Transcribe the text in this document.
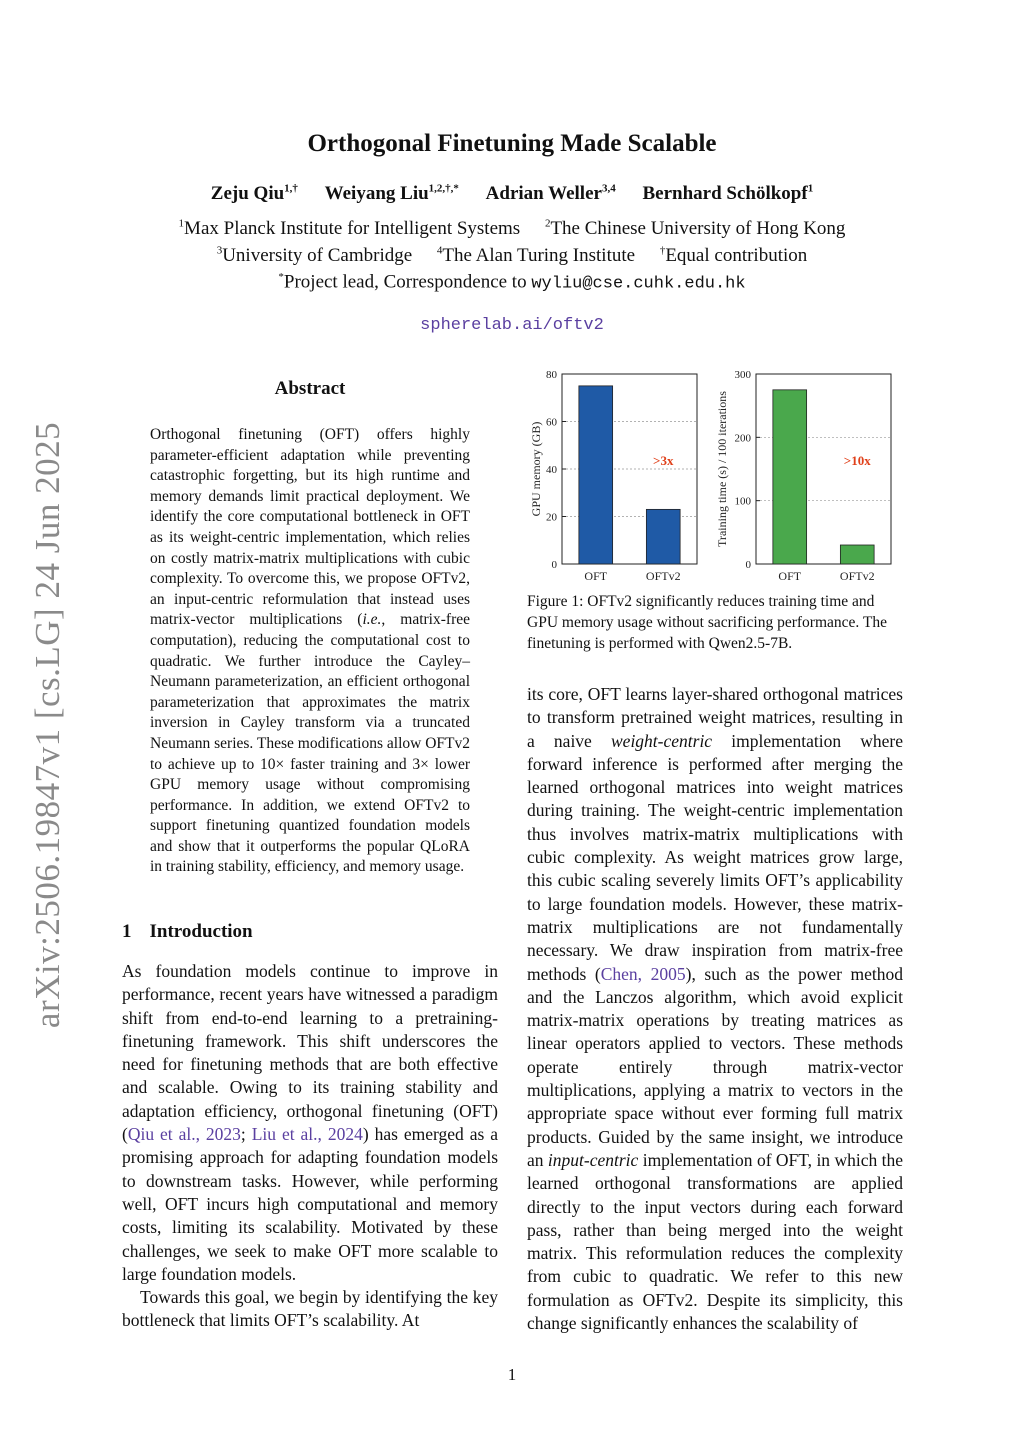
arXiv:2506.19847v1 [cs.LG] 24 Jun 2025
Orthogonal Finetuning Made Scalable
Zeju Qiu$^{1,\dagger}$ Weiyang Liu$^{1,2,\dagger,*}$ Adrian Weller$^{3,4}$ Bernhard Schölkopf$^1$
$^1$Max Planck Institute for Intelligent Systems $^2$The Chinese University of Hong Kong
$^3$University of Cambridge $^4$The Alan Turing Institute †Equal contribution
*Project lead, Correspondence to wyliu@cse.cuhk.edu.hk
spherelab.ai/oftv2
Abstract
Orthogonal finetuning (OFT) offers highly parameter-efficient adaptation while preventing catastrophic forgetting, but its high runtime and memory demands limit practical deployment. We identify the core computational bottleneck in OFT as its weight-centric implementation, which relies on costly matrix-matrix multiplications with cubic complexity. To overcome this, we propose OFTv2, an input-centric reformulation that instead uses matrix-vector multiplications (i.e., matrix-free computation), reducing the computational cost to quadratic. We further introduce the Cayley–Neumann parameterization, an efficient orthogonal parameterization that approximates the matrix inversion in Cayley transform via a truncated Neumann series. These modifications allow OFTv2 to achieve up to 10× faster training and 3× lower GPU memory usage without compromising performance. In addition, we extend OFTv2 to support finetuning quantized foundation models and show that it outperforms the popular QLoRA in training stability, efficiency, and memory usage.
1 Introduction

As foundation models continue to improve in performance, recent years have witnessed a paradigm shift from end-to-end learning to a pretraining-finetuning framework. This shift underscores the need for finetuning methods that are both effective and scalable. Owing to its training stability and adaptation efficiency, orthogonal finetuning (OFT) (Qiu et al., 2023; Liu et al., 2024) has emerged as a promising approach for adapting foundation models to downstream tasks. However, while performing well, OFT incurs high computational and memory costs, limiting its scalability. Motivated by these challenges, we seek to make OFT more scalable to large foundation models.

Towards this goal, we begin by identifying the key bottleneck that limits OFT’s scalability. At

its core, OFT learns layer-shared orthogonal matrices to transform pretrained weight matrices, resulting in a naive weight-centric implementation where forward inference is performed after merging the learned orthogonal matrices into weight matrices during training. The weight-centric implementation thus involves matrix-matrix multiplications with cubic complexity. As weight matrices grow large, this cubic scaling severely limits OFT’s applicability to large foundation models. However, these matrix-matrix multiplications are not fundamentally necessary. We draw inspiration from matrix-free methods (Chen, 2005), such as the power method and the Lanczos algorithm, which avoid explicit matrix-matrix operations by treating matrices as linear operators applied to vectors. These methods operate entirely through matrix-vector multiplications, applying a matrix to vectors in the appropriate space without ever forming full matrix products. Guided by the same insight, we introduce an input-centric implementation of OFT, in which the learned orthogonal transformations are applied directly to the input vectors during each forward pass, rather than being merged into the weight matrix. This reformulation reduces the complexity from cubic to quadratic. We refer to this new formulation as OFTv2. Despite its simplicity, this change significantly enhances the scalability of

0
20
40
60
80
OFT	OFTv2
>3x
GPU memory (GB)
0
100
200
300
OFT	OFTv2
>10x
Training time (s) / 100 iterations
Figure 1: OFTv2 significantly reduces training time and GPU memory usage without sacrificing performance. The finetuning is performed with Qwen2.5-7B.
1
